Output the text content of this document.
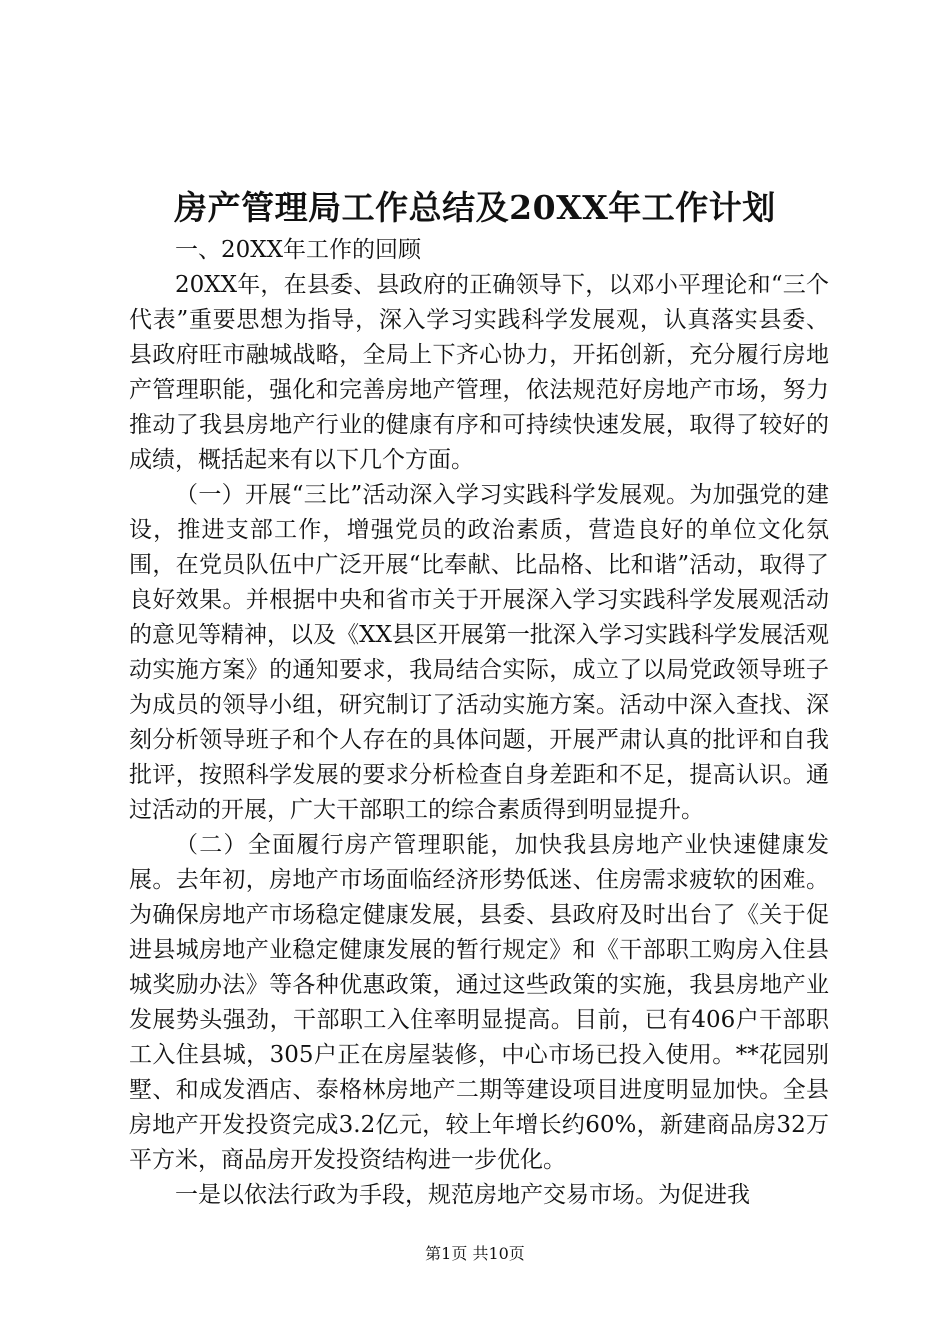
房产管理局工作总结及20XX年工作计划

一、20XX年工作的回顾

20XX年，在县委、县政府的正确领导下，以邓小平理论和“三个代表”重要思想为指导，深入学习实践科学发展观，认真落实县委、县政府旺市融城战略，全局上下齐心协力，开拓创新，充分履行房地产管理职能，强化和完善房地产管理，依法规范好房地产市场，努力推动了我县房地产行业的健康有序和可持续快速发展，取得了较好的成绩，概括起来有以下几个方面。

（一）开展“三比”活动深入学习实践科学发展观。为加强党的建设，推进支部工作，增强党员的政治素质，营造良好的单位文化氛围，在党员队伍中广泛开展“比奉献、比品格、比和谐”活动，取得了良好效果。并根据中央和省市关于开展深入学习实践科学发展观活动的意见等精神，以及《XX县区开展第一批深入学习实践科学发展活观动实施方案》的通知要求，我局结合实际，成立了以局党政领导班子为成员的领导小组，研究制订了活动实施方案。活动中深入查找、深刻分析领导班子和个人存在的具体问题，开展严肃认真的批评和自我批评，按照科学发展的要求分析检查自身差距和不足，提高认识。通过活动的开展，广大干部职工的综合素质得到明显提升。

（二）全面履行房产管理职能，加快我县房地产业快速健康发展。去年初，房地产市场面临经济形势低迷、住房需求疲软的困难。为确保房地产市场稳定健康发展，县委、县政府及时出台了《关于促进县城房地产业稳定健康发展的暂行规定》和《干部职工购房入住县城奖励办法》等各种优惠政策，通过这些政策的实施，我县房地产业发展势头强劲，干部职工入住率明显提高。目前，已有406户干部职工入住县城，305户正在房屋装修，中心市场已投入使用。**花园别墅、和成发酒店、泰格林房地产二期等建设项目进度明显加快。全县房地产开发投资完成3.2亿元，较上年增长约60%，新建商品房32万平方米，商品房开发投资结构进一步优化。

一是以依法行政为手段，规范房地产交易市场。为促进我

第1页 共10页
